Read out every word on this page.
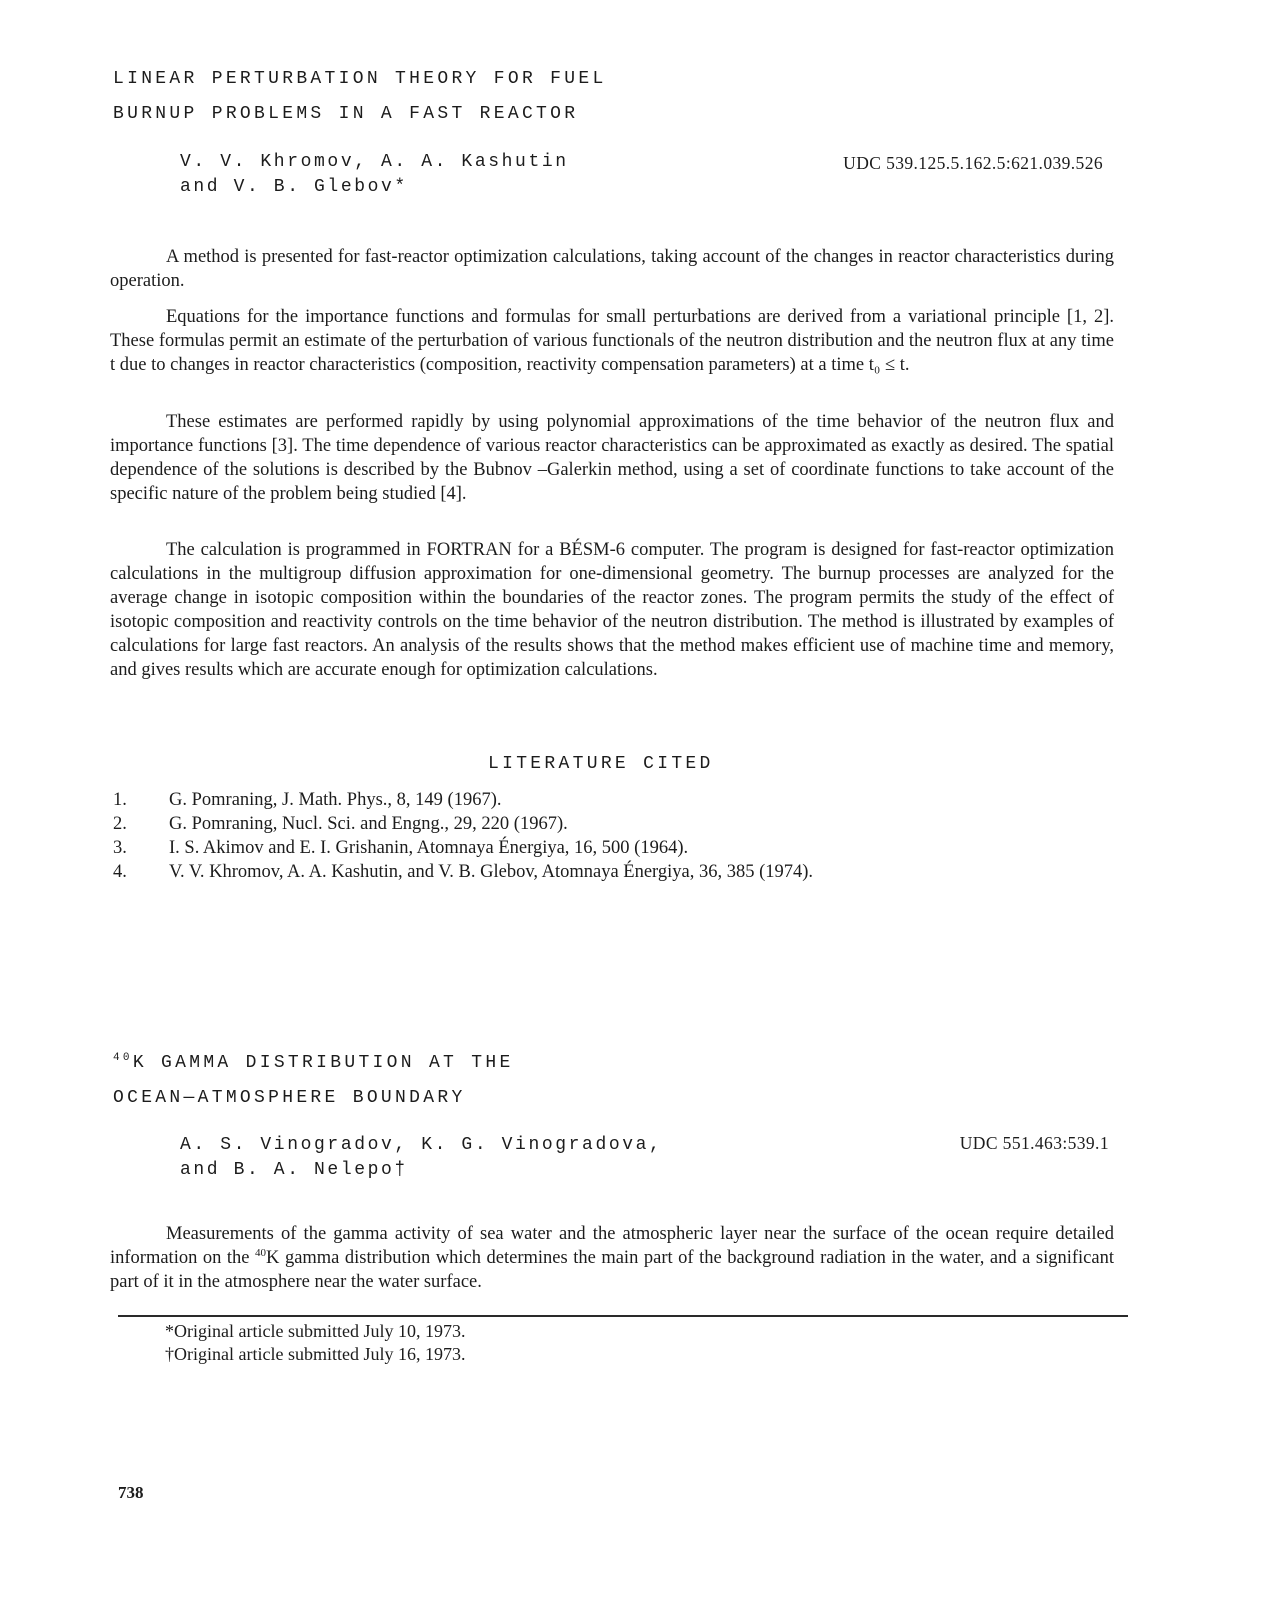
LINEAR PERTURBATION THEORY FOR FUEL
BURNUP PROBLEMS IN A FAST REACTOR
V. V. Khromov, A. A. Kashutin
and V. B. Glebov*
UDC 539.125.5.162.5:621.039.526

A method is presented for fast-reactor optimization calculations, taking account of the changes in reactor characteristics during operation.

Equations for the importance functions and formulas for small perturbations are derived from a variational principle [1, 2]. These formulas permit an estimate of the perturbation of various functionals of the neutron distribution and the neutron flux at any time t due to changes in reactor characteristics (composition, reactivity compensation parameters) at a time t₀ ≤ t.

These estimates are performed rapidly by using polynomial approximations of the time behavior of the neutron flux and importance functions [3]. The time dependence of various reactor characteristics can be approximated as exactly as desired. The spatial dependence of the solutions is described by the Bubnov –Galerkin method, using a set of coordinate functions to take account of the specific nature of the problem being studied [4].

The calculation is programmed in FORTRAN for a BÉSM-6 computer. The program is designed for fast-reactor optimization calculations in the multigroup diffusion approximation for one-dimensional geometry. The burnup processes are analyzed for the average change in isotopic composition within the boundaries of the reactor zones. The program permits the study of the effect of isotopic composition and reactivity controls on the time behavior of the neutron distribution. The method is illustrated by examples of calculations for large fast reactors. An analysis of the results shows that the method makes efficient use of machine time and memory, and gives results which are accurate enough for optimization calculations.

LITERATURE CITED
1. G. Pomraning, J. Math. Phys., 8, 149 (1967).
2. G. Pomraning, Nucl. Sci. and Engng., 29, 220 (1967).
3. I. S. Akimov and E. I. Grishanin, Atomnaya Énergiya, 16, 500 (1964).
4. V. V. Khromov, A. A. Kashutin, and V. B. Glebov, Atomnaya Énergiya, 36, 385 (1974).
$^{40}$K GAMMA DISTRIBUTION AT THE
OCEAN—ATMOSPHERE BOUNDARY
A. S. Vinogradov, K. G. Vinogradova,
and B. A. Nelepo†
UDC 551.463:539.1

Measurements of the gamma activity of sea water and the atmospheric layer near the surface of the ocean require detailed information on the $^{40}$K gamma distribution which determines the main part of the background radiation in the water, and a significant part of it in the atmosphere near the water surface.

*Original article submitted July 10, 1973.
†Original article submitted July 16, 1973.
738
